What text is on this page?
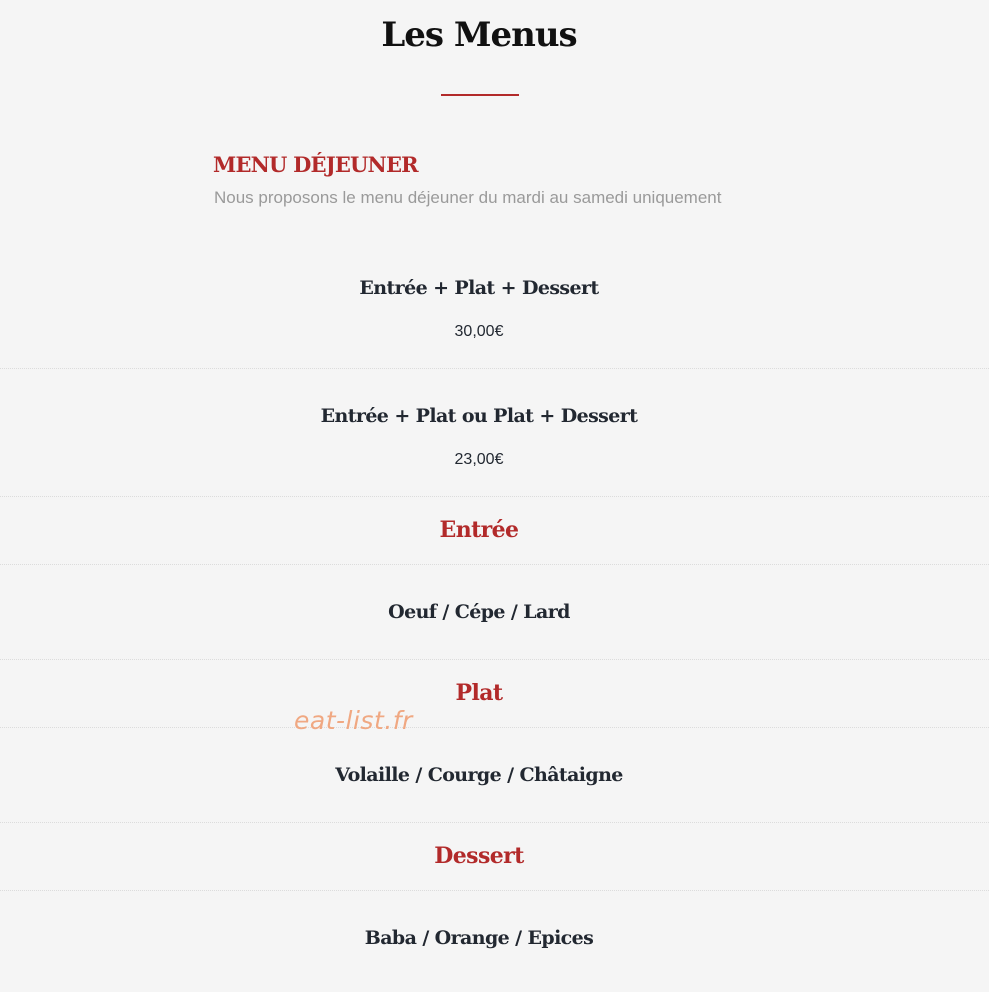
Les Menus
MENU DÉJEUNER
Nous proposons le menu déjeuner du mardi au samedi uniquement
Entrée + Plat + Dessert
30,00€
Entrée + Plat ou Plat + Dessert
23,00€
Entrée
Oeuf / Cépe / Lard
Plat
Volaille / Courge / Châtaigne
Dessert
Baba / Orange / Epices
eat-list.fr
